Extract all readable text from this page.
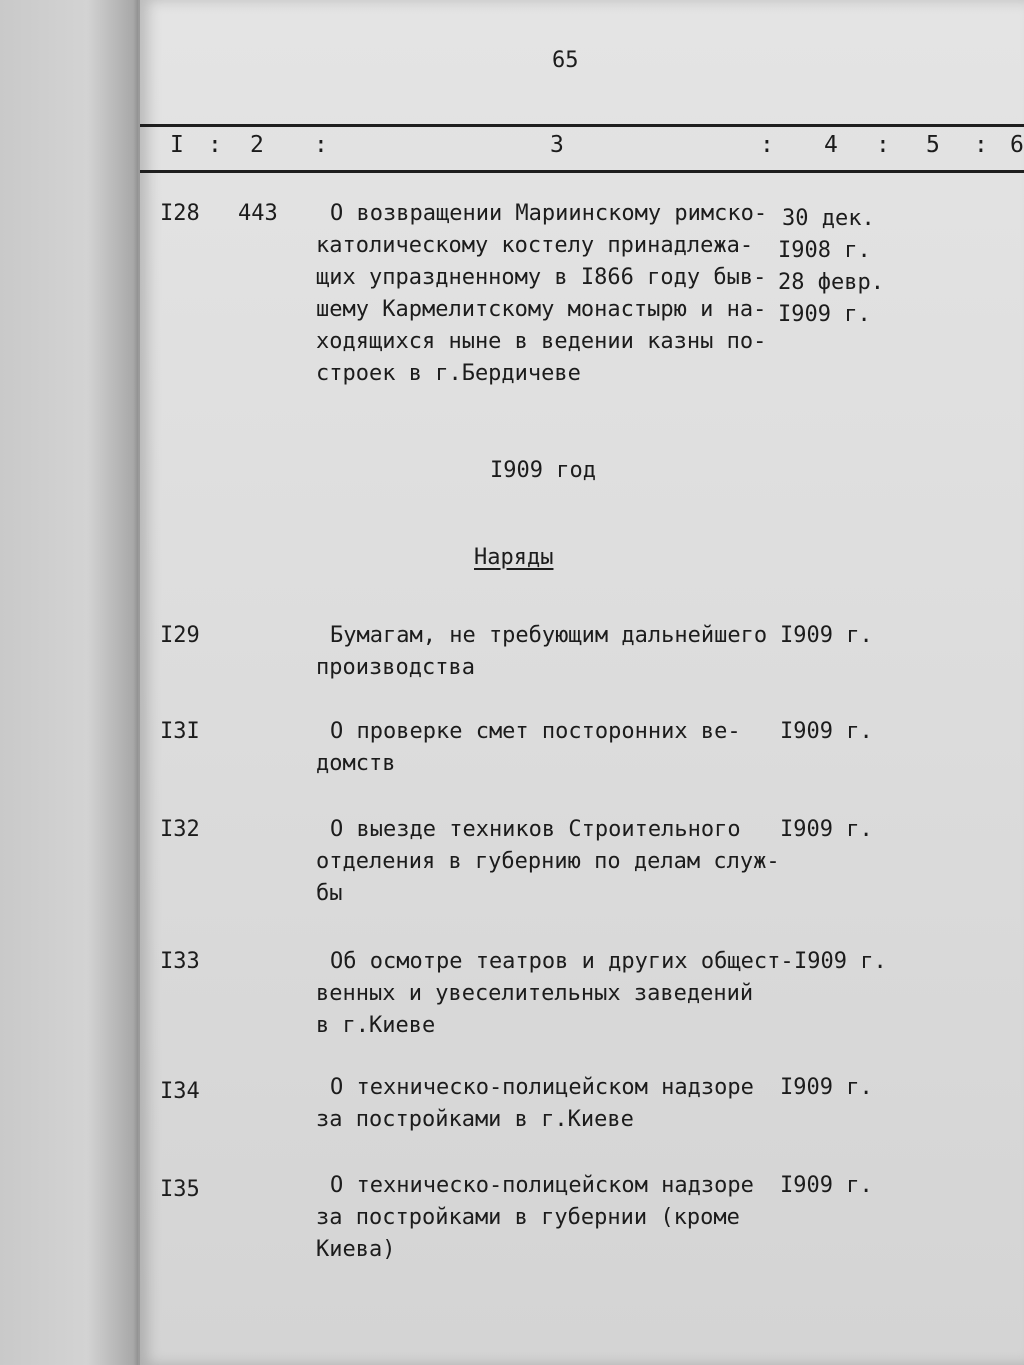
65
I : 2 :	3	: 4 : 5 : 6
I28 443 О возвращении Мариинскому римско-
католическому костелу принадлежа-
щих упраздненному в I866 году быв-
шему Кармелитскому монастырю и на-
ходящихся ныне в ведении казны по-
строек в г.Бердичеве
30 дек.
I908 г.
28 февр.
I909 г.
I909 год
Наряды
I29	Бумагам, не требующим дальнейшего
производства
I909 г.
I3I	О проверке смет посторонних ве-
домств
I909 г.
I32	О выезде техников Строительного
отделения в губернию по делам служ-
бы
I909 г.
I33	Об осмотре театров и других общест-
венных и увеселительных заведений
в г.Киеве
I909 г.
I34	О техническо-полицейском надзоре
за постройками в г.Киеве
I909 г.
I35	О техническо-полицейском надзоре
за постройками в губернии (кроме
Киева)
I909 г.
